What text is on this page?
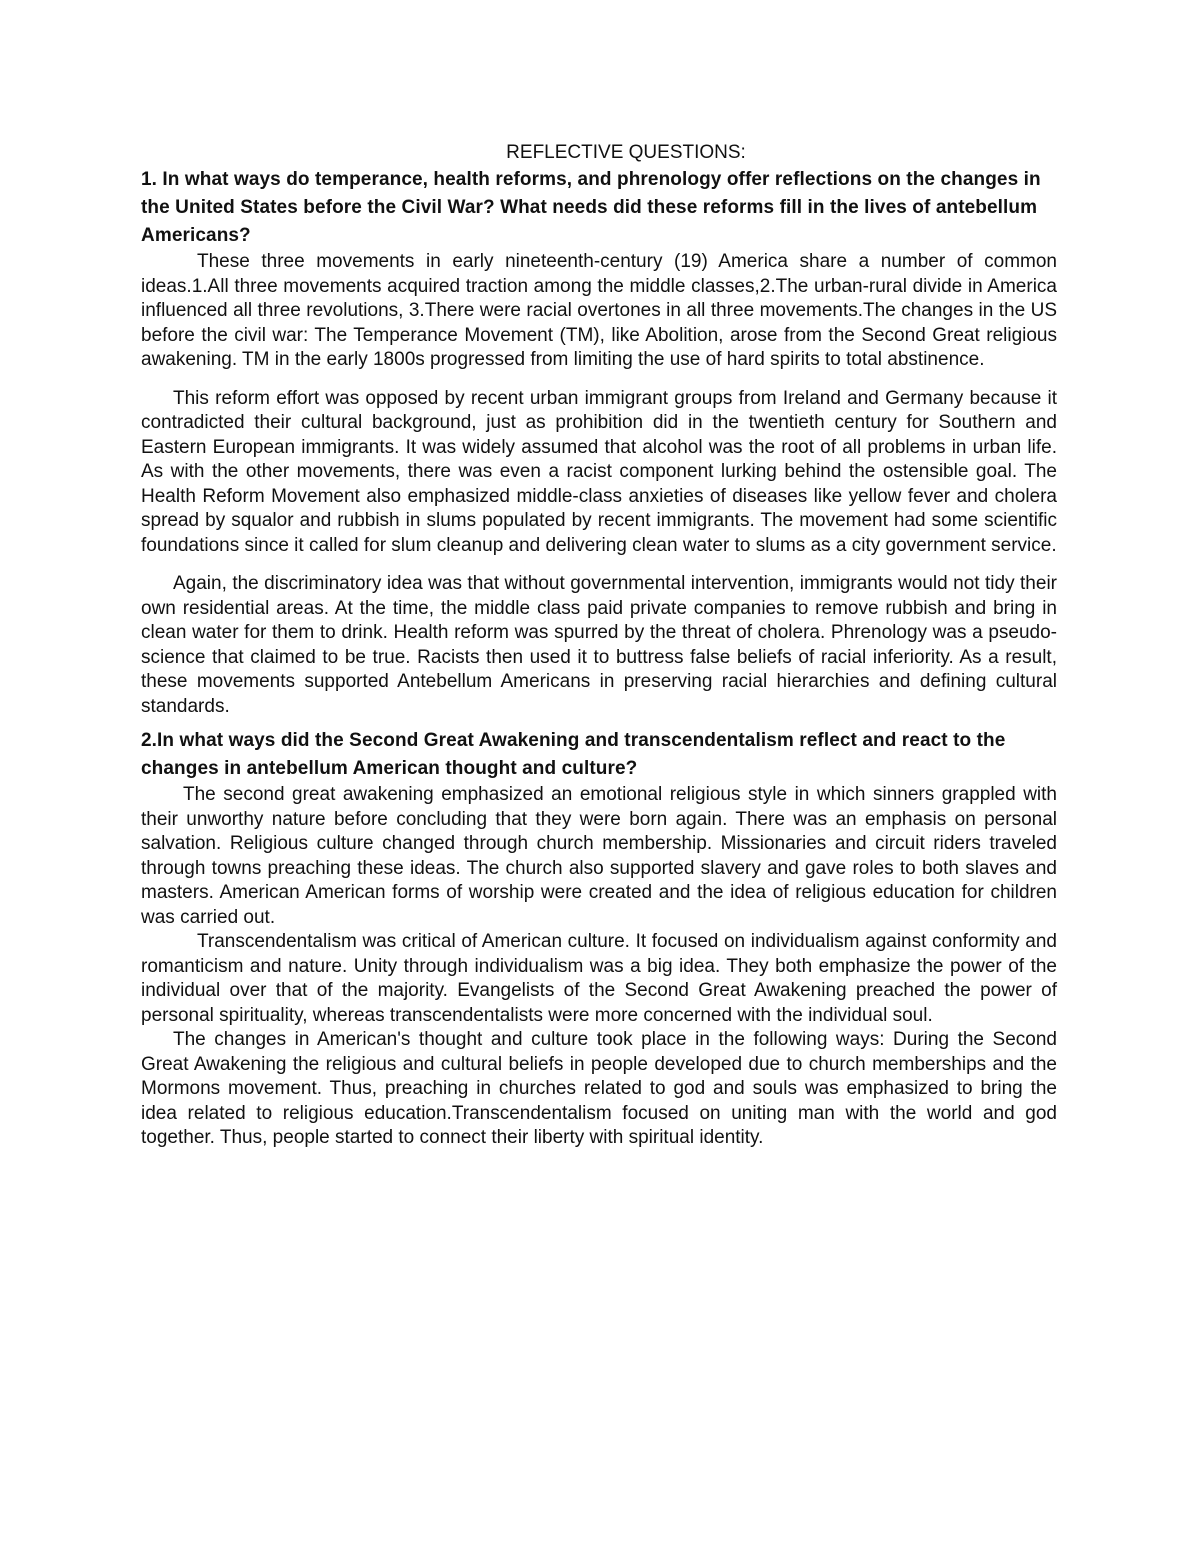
REFLECTIVE QUESTIONS:

1. In what ways do temperance, health reforms, and phrenology offer reflections on the changes in the United States before the Civil War? What needs did these reforms fill in the lives of antebellum Americans?

These three movements in early nineteenth-century (19) America share a number of common ideas.1.All three movements acquired traction among the middle classes,2.The urban-rural divide in America influenced all three revolutions, 3.There were racial overtones in all three movements.The changes in the US before the civil war: The Temperance Movement (TM), like Abolition, arose from the Second Great religious awakening. TM in the early 1800s progressed from limiting the use of hard spirits to total abstinence.

This reform effort was opposed by recent urban immigrant groups from Ireland and Germany because it contradicted their cultural background, just as prohibition did in the twentieth century for Southern and Eastern European immigrants. It was widely assumed that alcohol was the root of all problems in urban life. As with the other movements, there was even a racist component lurking behind the ostensible goal. The Health Reform Movement also emphasized middle-class anxieties of diseases like yellow fever and cholera spread by squalor and rubbish in slums populated by recent immigrants. The movement had some scientific foundations since it called for slum cleanup and delivering clean water to slums as a city government service.

Again, the discriminatory idea was that without governmental intervention, immigrants would not tidy their own residential areas. At the time, the middle class paid private companies to remove rubbish and bring in clean water for them to drink. Health reform was spurred by the threat of cholera. Phrenology was a pseudo-science that claimed to be true. Racists then used it to buttress false beliefs of racial inferiority. As a result, these movements supported Antebellum Americans in preserving racial hierarchies and defining cultural standards.

2.In what ways did the Second Great Awakening and transcendentalism reflect and react to the changes in antebellum American thought and culture?

The second great awakening emphasized an emotional religious style in which sinners grappled with their unworthy nature before concluding that they were born again. There was an emphasis on personal salvation. Religious culture changed through church membership. Missionaries and circuit riders traveled through towns preaching these ideas. The church also supported slavery and gave roles to both slaves and masters. American American forms of worship were created and the idea of religious education for children was carried out.

Transcendentalism was critical of American culture. It focused on individualism against conformity and romanticism and nature. Unity through individualism was a big idea. They both emphasize the power of the individual over that of the majority. Evangelists of the Second Great Awakening preached the power of personal spirituality, whereas transcendentalists were more concerned with the individual soul.

The changes in American's thought and culture took place in the following ways: During the Second Great Awakening the religious and cultural beliefs in people developed due to church memberships and the Mormons movement. Thus, preaching in churches related to god and souls was emphasized to bring the idea related to religious education.Transcendentalism focused on uniting man with the world and god together. Thus, people started to connect their liberty with spiritual identity.
